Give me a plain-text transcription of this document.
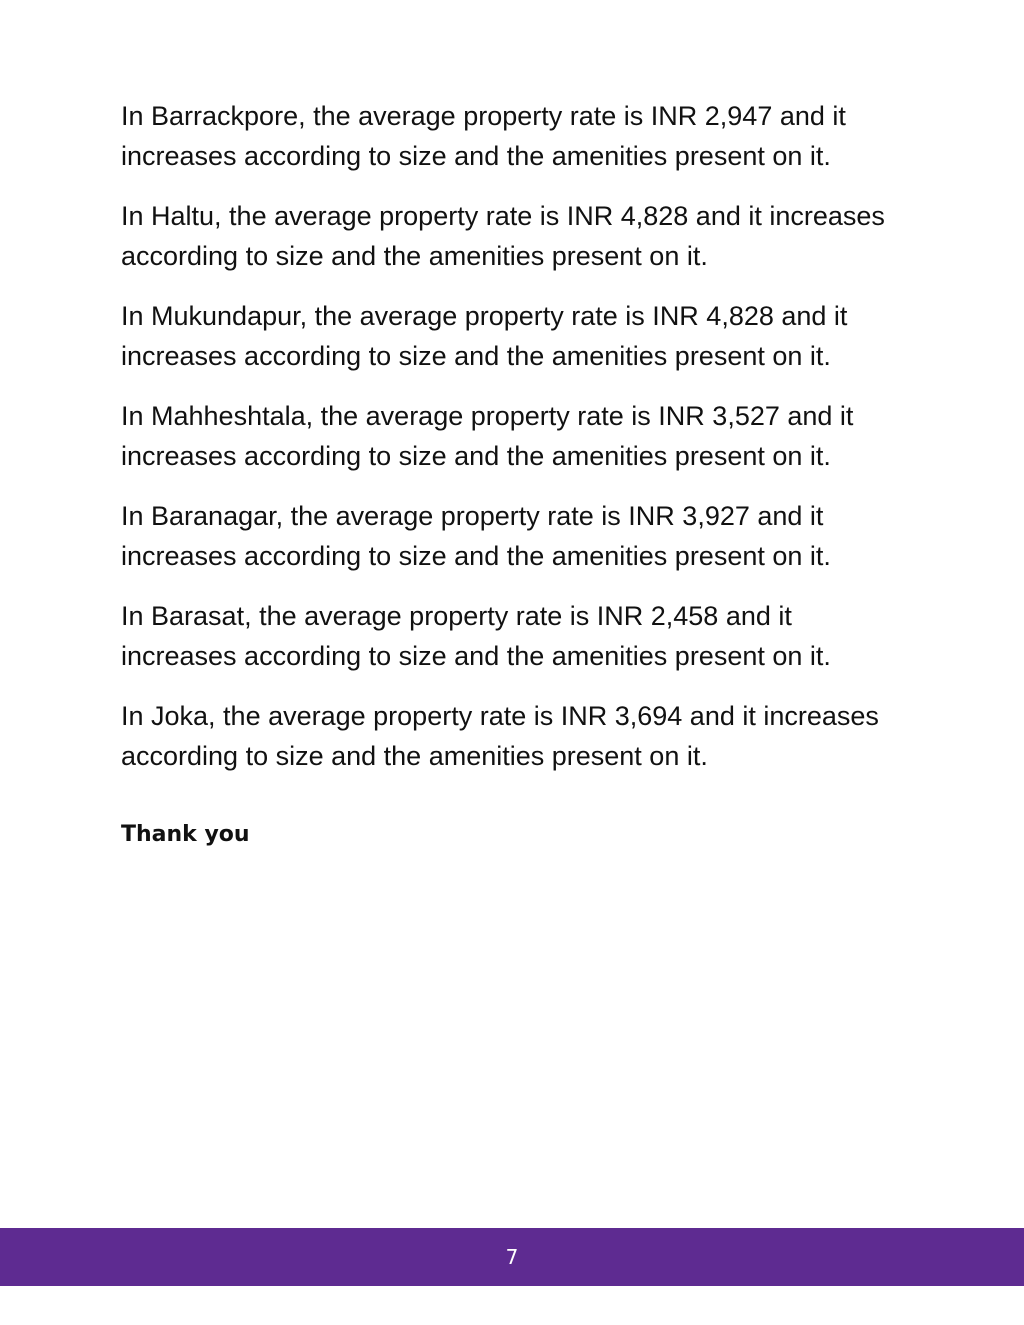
In Barrackpore, the average property rate is INR 2,947 and it increases according to size and the amenities present on it.

In Haltu, the average property rate is INR 4,828 and it increases according to size and the amenities present on it.

In Mukundapur, the average property rate is INR 4,828 and it increases according to size and the amenities present on it.

In Mahheshtala, the average property rate is INR 3,527 and it increases according to size and the amenities present on it.

In Baranagar, the average property rate is INR 3,927 and it increases according to size and the amenities present on it.

In Barasat, the average property rate is INR 2,458 and it increases according to size and the amenities present on it.

In Joka, the average property rate is INR 3,694 and it increases according to size and the amenities present on it.

Thank you

7
